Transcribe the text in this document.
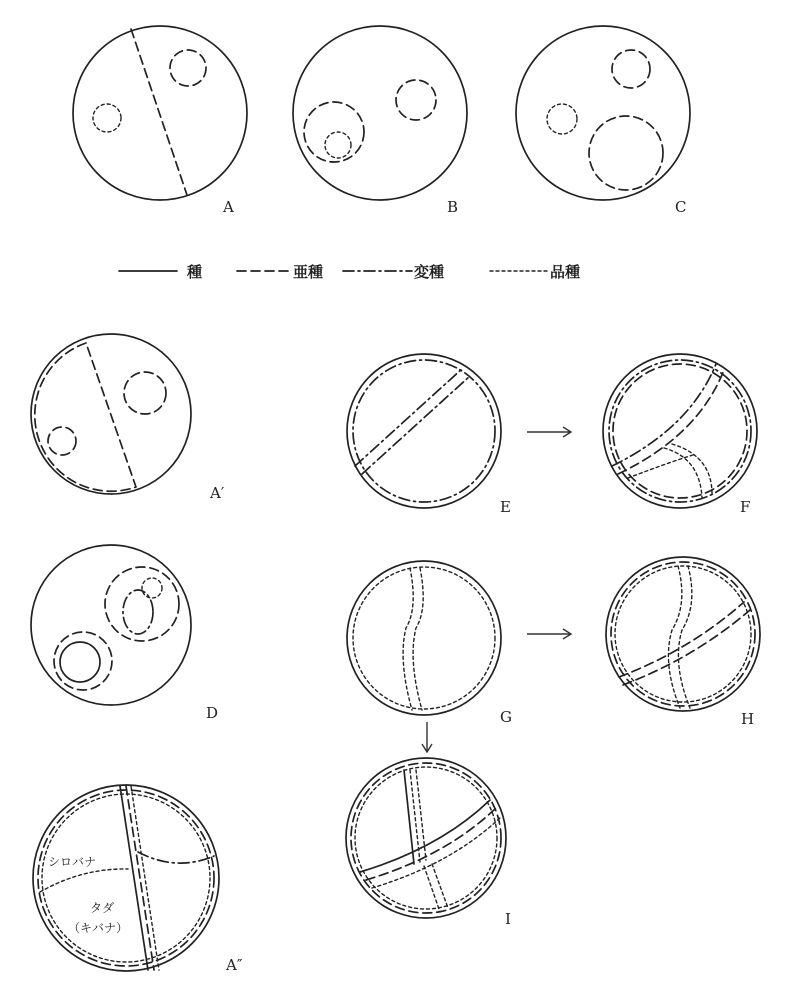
A	B	C
種	亜種	変種	品種
A′
D
シロバナ
タダ
（キバナ）
A″
E	F
G	H
I
